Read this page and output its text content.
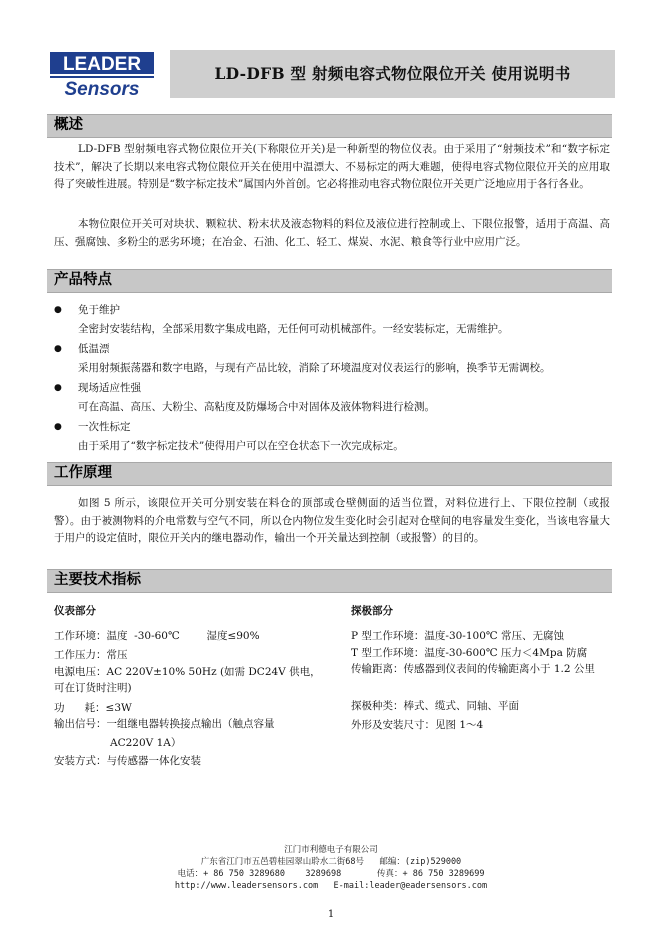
LEADER
Sensors
LD-DFB 型 射频电容式物位限位开关 使用说明书
概述
LD-DFB 型射频电容式物位限位开关(下称限位开关)是一种新型的物位仪表。由于采用了“射频技术”和“数字标定技术”，解决了长期以来电容式物位限位开关在使用中温漂大、不易标定的两大难题，使得电容式物位限位开关的应用取得了突破性进展。特别是“数字标定技术”属国内外首创。它必将推动电容式物位限位开关更广泛地应用于各行各业。
本物位限位开关可对块状、颗粒状、粉末状及液态物料的料位及液位进行控制或上、下限位报警，适用于高温、高压、强腐蚀、多粉尘的恶劣环境；在冶金、石油、化工、轻工、煤炭、水泥、粮食等行业中应用广泛。
产品特点
● 免于维护
全密封安装结构，全部采用数字集成电路，无任何可动机械部件。一经安装标定，无需维护。
● 低温漂
采用射频振荡器和数字电路，与现有产品比较，消除了环境温度对仪表运行的影响，换季节无需调校。
● 现场适应性强
可在高温、高压、大粉尘、高粘度及防爆场合中对固体及液体物料进行检测。
● 一次性标定
由于采用了“数字标定技术”使得用户可以在空仓状态下一次完成标定。
工作原理
如图 5 所示，该限位开关可分别安装在料仓的顶部或仓壁侧面的适当位置，对料位进行上、下限位控制（或报警）。由于被测物料的介电常数与空气不同，所以仓内物位发生变化时会引起对仓壁间的电容量发生变化，当该电容量大于用户的设定值时，限位开关内的继电器动作，输出一个开关量达到控制（或报警）的目的。
主要技术指标
仪表部分
工作环境：温度  -30-60℃        湿度≤90%
工作压力：常压
电源电压：AC 220V±10% 50Hz (如需 DC24V 供电，可在订货时注明)
功      耗：≤3W
输出信号：一组继电器转换接点输出（触点容量
AC220V 1A）
安装方式：与传感器一体化安装
探极部分
P 型工作环境：温度-30-100℃ 常压、无腐蚀
T 型工作环境：温度-30-600℃ 压力＜4Mpa 防腐
传输距离：传感器到仪表间的传输距离小于 1.2 公里
探极种类：棒式、缆式、同轴、平面
外形及安装尺寸：见图 1～4
江门市利德电子有限公司
广东省江门市五邑碧桂园翠山聆水二街68号   邮编：(zip)529000
电话：+ 86 750 3289680    3289698       传真：+ 86 750 3289699
http://www.leadersensors.com   E-mail:leader@eadersensors.com
1
